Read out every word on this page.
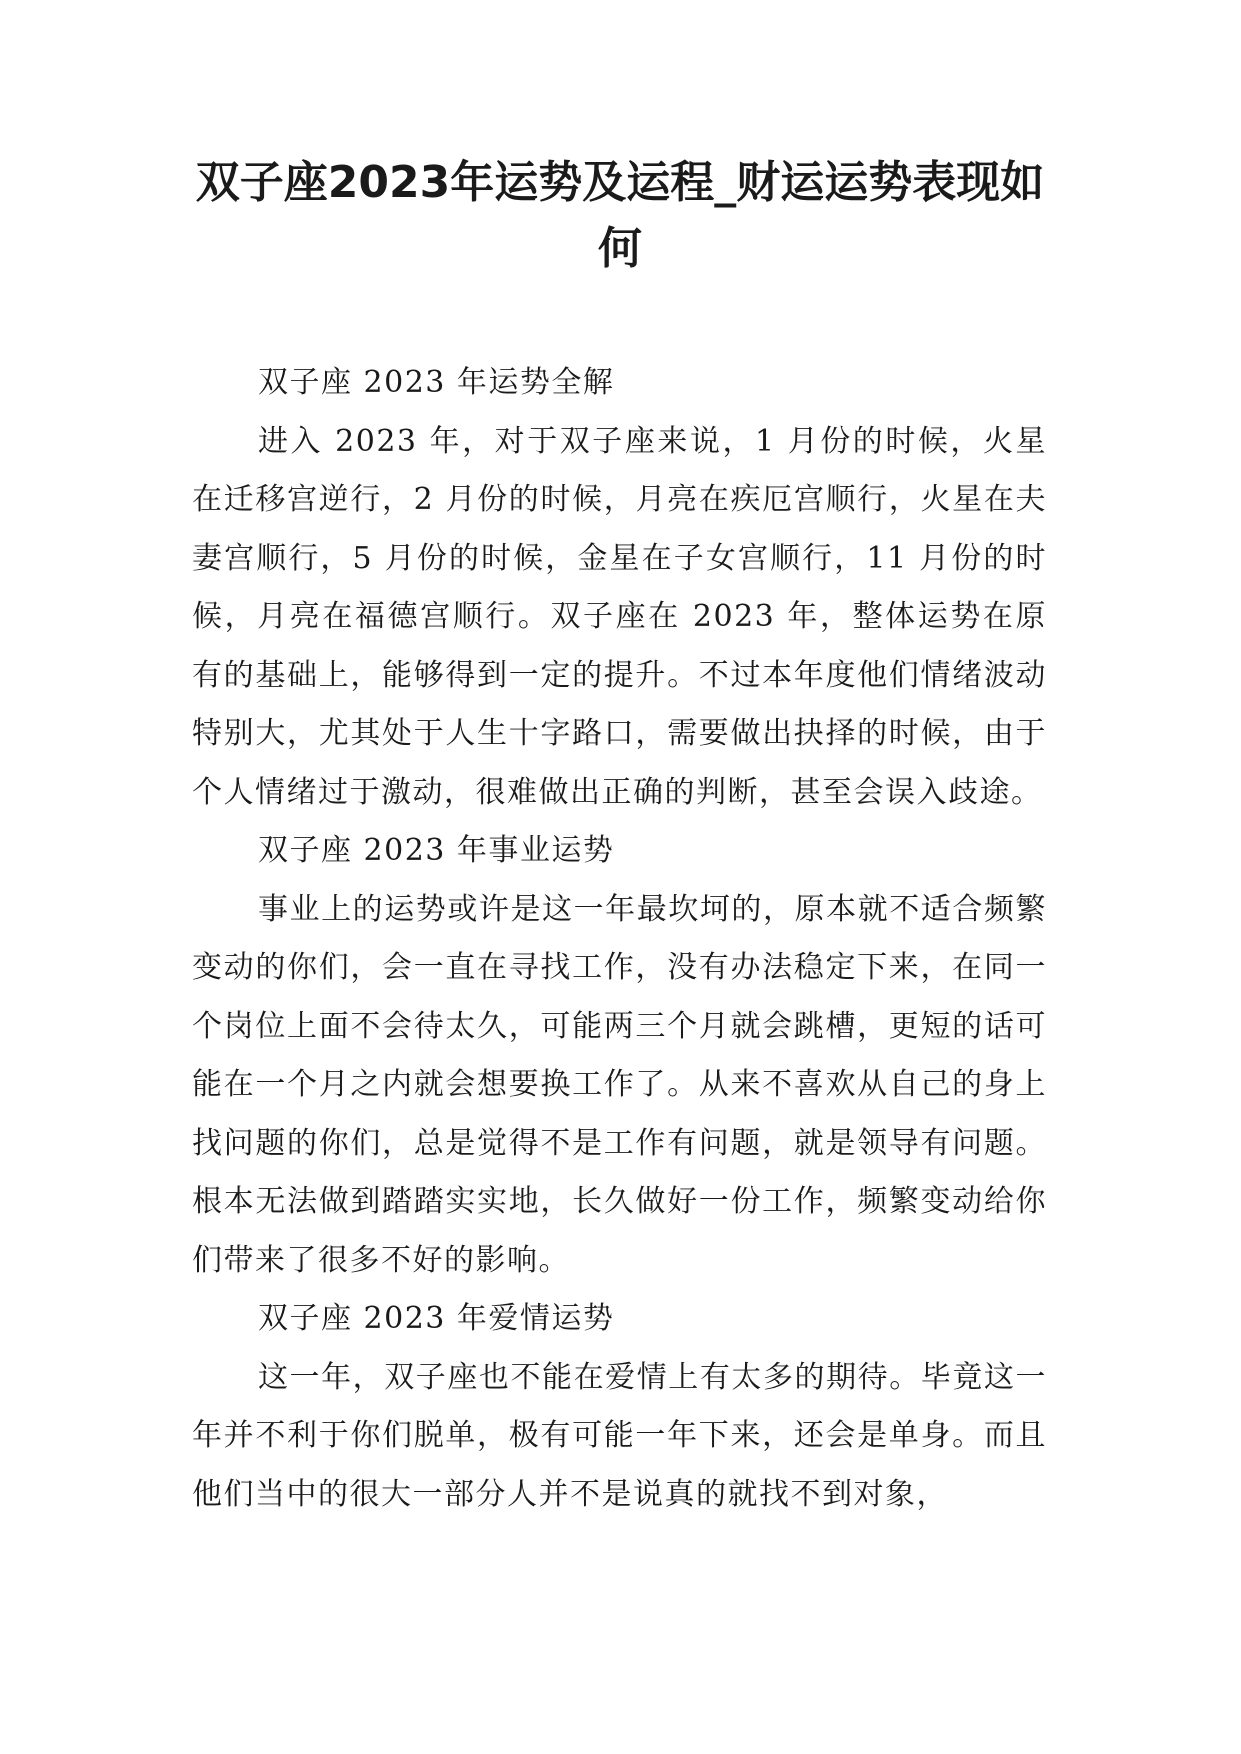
双子座2023年运势及运程_财运运势表现如何

双子座 2023 年运势全解

进入 2023 年，对于双子座来说，1 月份的时候，火星在迁移宫逆行，2 月份的时候，月亮在疾厄宫顺行，火星在夫妻宫顺行，5 月份的时候，金星在子女宫顺行，11 月份的时候，月亮在福德宫顺行。双子座在 2023 年，整体运势在原有的基础上，能够得到一定的提升。不过本年度他们情绪波动特别大，尤其处于人生十字路口，需要做出抉择的时候，由于个人情绪过于激动，很难做出正确的判断，甚至会误入歧途。

双子座 2023 年事业运势

事业上的运势或许是这一年最坎坷的，原本就不适合频繁变动的你们，会一直在寻找工作，没有办法稳定下来，在同一个岗位上面不会待太久，可能两三个月就会跳槽，更短的话可能在一个月之内就会想要换工作了。从来不喜欢从自己的身上找问题的你们，总是觉得不是工作有问题，就是领导有问题。根本无法做到踏踏实实地，长久做好一份工作，频繁变动给你们带来了很多不好的影响。

双子座 2023 年爱情运势

这一年，双子座也不能在爱情上有太多的期待。毕竟这一年并不利于你们脱单，极有可能一年下来，还会是单身。而且他们当中的很大一部分人并不是说真的就找不到对象，
